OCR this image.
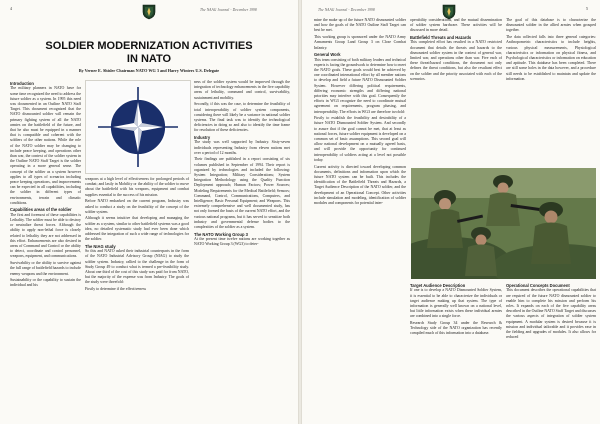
4	The NAAG Journal - December 1998
SOLDIER MODERNIZATION ACTIVITIES IN NATO
By Verner E. Shisler Chairman NATO WG 3 and Harry Winters U.S. Delegate
Introduction

The military planners in NATO have for some time recognized the need to address the future soldier as a system. In 1995 this need was documented in an Outline NATO Staff Target. This document recognized that the NATO dismounted soldier will remain the primary fighting system of all the NATO armies on the battlefield of the future, and that he also must be equipped in a manner that is compatible and coherent with the soldiers of the other nations. While the role of the NATO soldier may be changing to include peace keeping, and operations other than war, the context of the soldier system in the Outline NATO Staff Target is the soldier operating in a more general sense. The concept of the soldier as a system however applies to all types of scenarios including peace keeping operations, and improvements can be expected in all capabilities, including the soldier in different types of environments, terrain and climatic conditions.

Capabilities areas of the soldier

The first and foremost of these capabilities is Lethality. The soldier must be able to destroy or neutralize threat forces. Although the ability to apply non-lethal force is closely related to lethality they are not addressed in this effort. Enhancements are also desired in areas of Command and Control or the ability to detect, coordinate and control personnel, weapons, equipment, and communications.

Survivability or the ability to survive against the full range of battlefield hazards to include enemy weapons and the environment.

Sustainability or the capability to sustain the individual and his

weapons at a high level of effectiveness for prolonged periods of combat; and lastly in Mobility or the ability of the soldier to move about the battlefield with his weapons, equipment and combat supplies essential to the success of his mission.

Before NATO embarked on the current program, Industry was asked to conduct a study on the feasibility of the concept of the soldier system.

Although it seems intuitive that developing and managing the soldier as a system, similar to other battlefield systems was a good idea, no detailed systematic study had ever been done which addressed the integration of such a wide range of technologies for the soldier.

The NIAG study

So this and NATO asked their industrial counterparts in the form of the NATO Industrial Advisory Group (NIAG) to study the soldier system. Industry, rallied to the challenge in the form of Study Group 49 to conduct what is termed a pre-feasibility study. About one third of the cost of this study was paid for from NATO, but the majority of the expense was from Industry. The goals of the study were threefold:

Firstly to determine if the effectiveness

ness of the soldier system would be improved through the integration of technology enhancements in the five capability areas of lethality, command and control, survivability, sustainment and mobility.

Secondly, if this was the case, to determine the feasibility of total interoperability of soldier system components, considering there will likely be a variance in national soldier systems. The final task was to identify the technological deficiencies in doing so and also to identify the time frame for resolution of these deficiencies.

Industry

The study was well supported by Industry. Sixty-seven individuals representing Industry from eleven nations met over a period of 12 months.

Their findings are published in a report consisting of six volumes published in September of 1994. Their report is organized by technologies and included the following: System Integration; Military Considerations; System Integration Methodology using the Quality Function Deployment approach; Human Factors; Power Sources; Modeling Requirements for the Medical Battlefield; Sensors; Command, Control, Communications, Computers, and Intelligence; Basic Personal Equipment; and Weapons. This extremely comprehensive and well documented study, has not only formed the basis of the current NATO effort, and the various national programs, but it has served to sensitize both industry and governmental defense bodies to the complexities of the soldier as a system.

The NATO Working Group 3

At the present time twelve nations are working together as NATO Working Group 3 (WG3) to deter-

The NAAG Journal - December 1998	5

mine the make up of the future NATO dismounted soldier and how the goals of the NATO Outline Staff Target can best be met.

This working group is sponsored under the NATO Army Armaments Group Land Group 3 on Close Combat Infantry.

General Work

This team consisting of both military leaders and technical experts is facing the groundwork to determine how to meet the NATO goals. These goals would best be achieved by one coordinated international effort by all member nations to develop and field a future NATO Dismounted Soldier System. However differing political requirements, differing economic strengths and differing national priorities may interfere with this goal. Consequently the efforts in WG3 recognize the need to coordinate mutual agreement on requirements, program phasing, and interoperability. The efforts in WG3 are therefore twofold:

Firstly to establish the feasibility and desirability of a future NATO Dismounted Soldier System. And secondly to assure that if the goal cannot be met, that at least as national forces, future soldier equipment is developed on a common set of basic assumptions. This second goal will allow national development on a mutually agreed basis, and will provide the opportunity for continued interoperability of soldiers acting at a level not possible today.

Current activity is directed toward developing common documents, definitions and information upon which the future NATO system can be built. This includes the identification of the Battlefield Threats and Hazards, a Target Audience Description of the NATO soldier, and the development of an Operational Concept. Other activities include simulation and modeling, identification of soldier modules and components for potential inter-

operability considerations, and the mutual dissemination of soldier system hardware. These activities will be discussed in more detail.

Battlefield Threats and Hazards

This completed effort has resulted in a NATO restricted document that details the threats and hazards to the dismounted soldier system in the context of general war, limited war, and operations other than war. Five each of these threat/hazard conditions, the document not only defines the threat conditions, but also the resultant effect on the soldier and the priority associated with each of the scenarios.

The goal of this database is to characterize the dismounted soldier in the allied armies when grouped together.

The data collected falls into three general categories: Anthropometric characteristics to include heights, various physical measurements, Physiological characteristics or information on physical fitness, and Psychological characteristics or information on education and aptitude. This database has been completed. There are still some holes in the data however, and a procedure still needs to be established to maintain and update the information.

Target Audience Description

If one is to develop a NATO Dismounted Soldier System, it is essential to be able to characterize the individuals or target audience making up that system. The type of information is generally well known on a national level, but little information exists when these individual armies are combined into a single force.

Research Study Group 34 under the Research & Technology side of the NATO organization has recently compiled much of this information into a database.

Operational Concepts Document

This document describes the operational capabilities that are required of the future NATO dismounted soldier to enable him to complete his mission and perform his roles. It expands on each of the five capability areas described in the Outline NATO Staff Target and discusses the various aspects of integration of soldier system equipment. A modular system is desired because it is mission and individual tailorable and it provides ease in the fielding and upgrades of modules. It also allows for reduced
